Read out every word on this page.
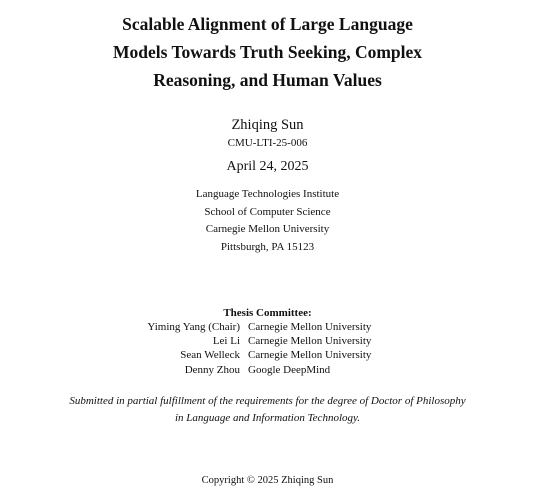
Scalable Alignment of Large Language
Models Towards Truth Seeking, Complex
Reasoning, and Human Values
Zhiqing Sun
CMU-LTI-25-006
April 24, 2025
Language Technologies Institute
School of Computer Science
Carnegie Mellon University
Pittsburgh, PA 15123
Thesis Committee:
Yiming Yang (Chair) Carnegie Mellon University
Lei Li Carnegie Mellon University
Sean Welleck Carnegie Mellon University
Denny Zhou Google DeepMind
Submitted in partial fulfillment of the requirements for the degree of Doctor of Philosophy
in Language and Information Technology.
Copyright © 2025 Zhiqing Sun
